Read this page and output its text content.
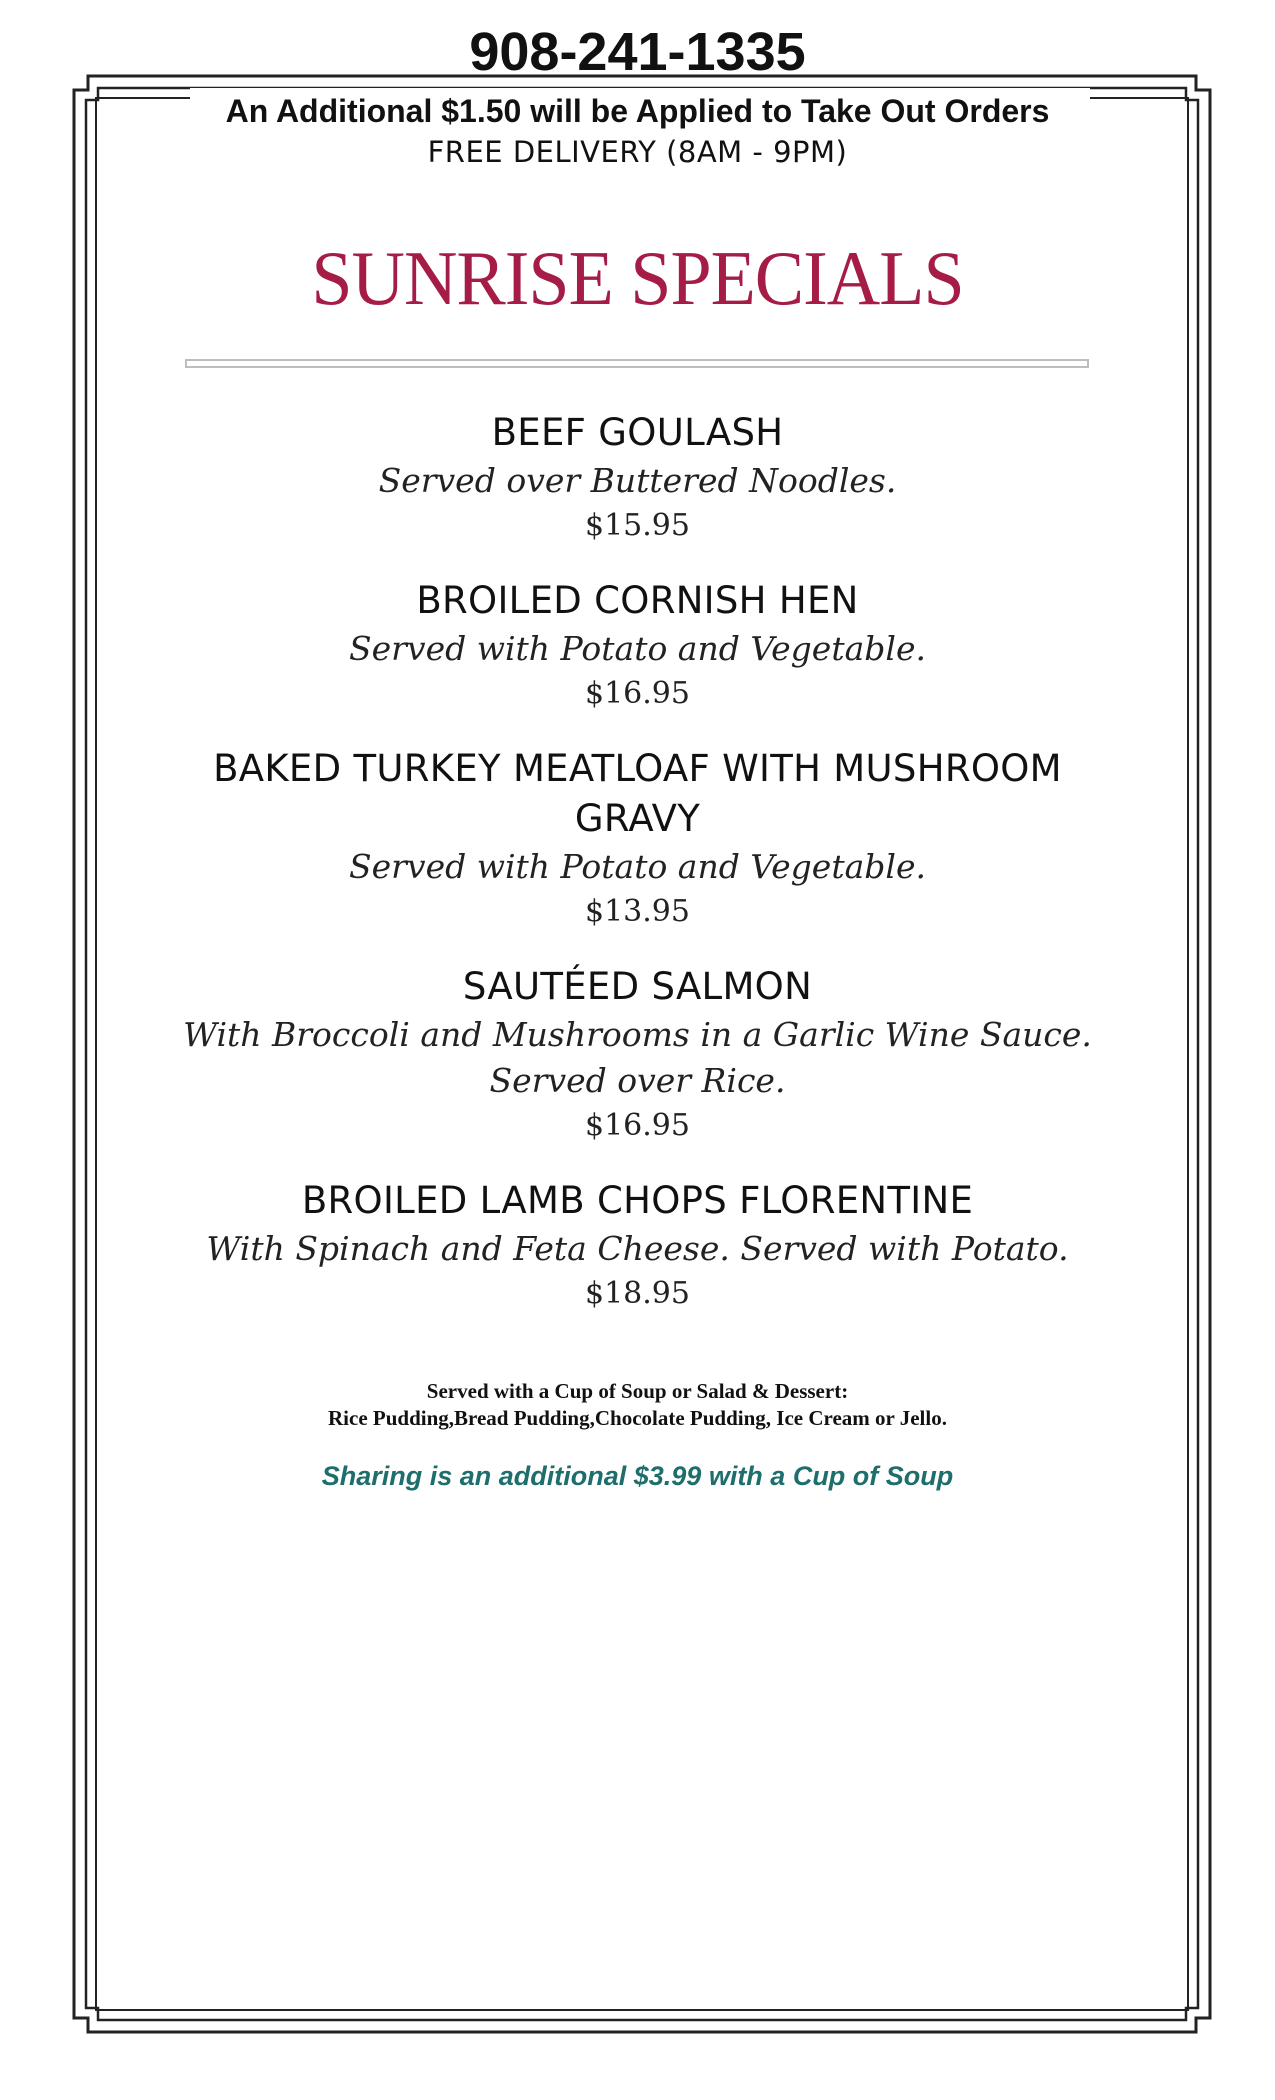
908-241-1335
An Additional $1.50 will be Applied to Take Out Orders
FREE DELIVERY (8AM - 9PM)
SUNRISE SPECIALS
BEEF GOULASH
Served over Buttered Noodles.
$15.95
BROILED CORNISH HEN
Served with Potato and Vegetable.
$16.95
BAKED TURKEY MEATLOAF WITH MUSHROOM GRAVY
Served with Potato and Vegetable.
$13.95
SAUTÉED SALMON
With Broccoli and Mushrooms in a Garlic Wine Sauce.
Served over Rice.
$16.95
BROILED LAMB CHOPS FLORENTINE
With Spinach and Feta Cheese. Served with Potato.
$18.95
Served with a Cup of Soup or Salad & Dessert:
Rice Pudding,Bread Pudding,Chocolate Pudding, Ice Cream or Jello.
Sharing is an additional $3.99 with a Cup of Soup
